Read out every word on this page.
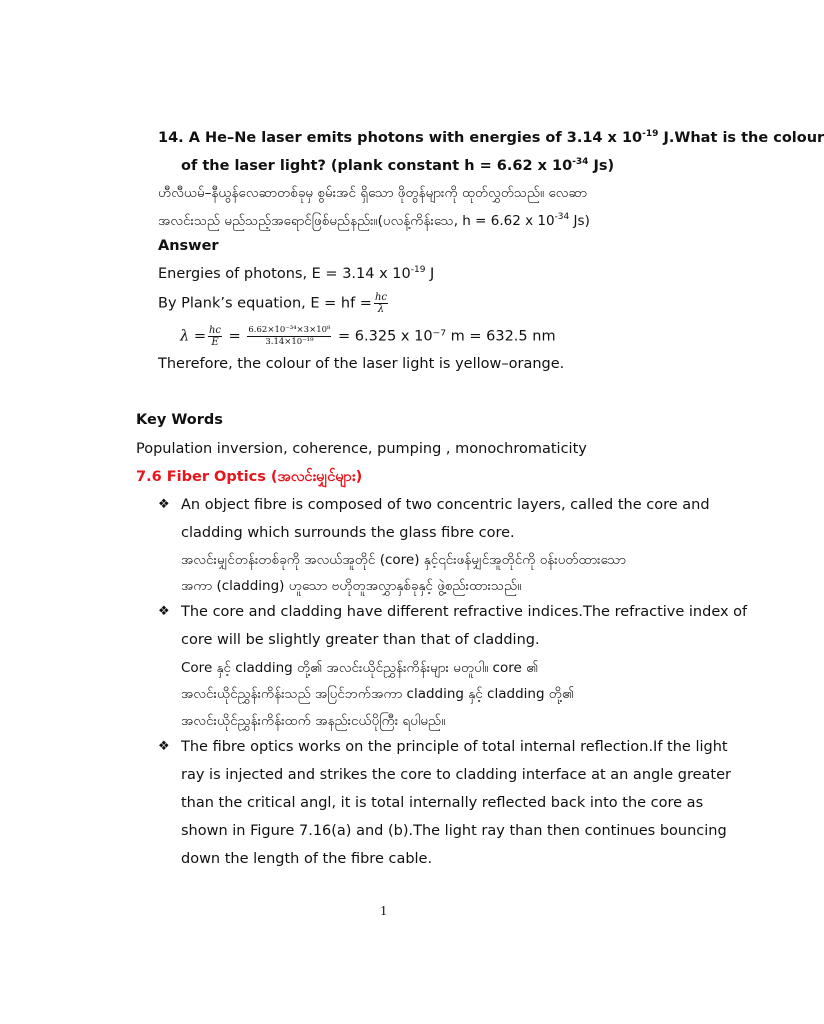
14. A He–Ne laser emits photons with energies of 3.14 x $10^{-19}$ J.What is the colour
of the laser light? (plank constant h = 6.62 x $10^{-34}$ Js)
ဟီလီယမ်–နီယွန်လေဆာတစ်ခုမှ စွမ်းအင် ရှိသော ဖိုတွန်များကို ထုတ်လွှတ်သည်။ လေဆာ
အလင်းသည် မည်သည့်အရောင်ဖြစ်မည်နည်း။(ပလန့်ကိန်းသေ, h = 6.62 x $10^{-34}$ Js)
Answer
Energies of photons, E = 3.14 x $10^{-19}$ J
By Plank’s equation, E = hf = $\frac{hc}{\lambda}$
$\lambda = \frac{hc}{E} = \frac{\text{6.62×10⁻³⁴×3×10⁸}}{\text{3.14×10⁻¹⁹}} = 6.325$ x 10⁻⁷ m = 632.5 nm
Therefore, the colour of the laser light is yellow–orange.
Key Words
Population inversion, coherence, pumping , monochromaticity
7.6 Fiber Optics (အလင်းမျှင်များ)
❖ An object fibre is composed of two concentric layers, called the core and
cladding which surrounds the glass fibre core.
အလင်းမျှင်တန်းတစ်ခုကို အလယ်အူတိုင် (core) နှင့်၎င်းဖန်မျှင်အူတိုင်ကို ဝန်းပတ်ထားသော
အကာ (cladding) ဟူသော ဗဟိုတူအလွှာနှစ်ခုနှင့် ဖွဲ့စည်းထားသည်။
❖ The core and cladding have different refractive indices.The refractive index of
core will be slightly greater than that of cladding.
Core နှင့် cladding တို့၏ အလင်းယိုင်ညွှန်းကိန်းများ မတူပါ။ core ၏
အလင်းယိုင်ညွှန်းကိန်းသည် အပြင်ဘက်အကာ cladding နှင့် cladding တို့၏
အလင်းယိုင်ညွှန်းကိန်းထက် အနည်းငယ်ပိုကြီး ရပါမည်။
❖ The fibre optics works on the principle of total internal reflection.If the light
ray is injected and strikes the core to cladding interface at an angle greater
than the critical angl, it is total internally reflected back into the core as
shown in Figure 7.16(a) and (b).The light ray than then continues bouncing
down the length of the fibre cable.
1
